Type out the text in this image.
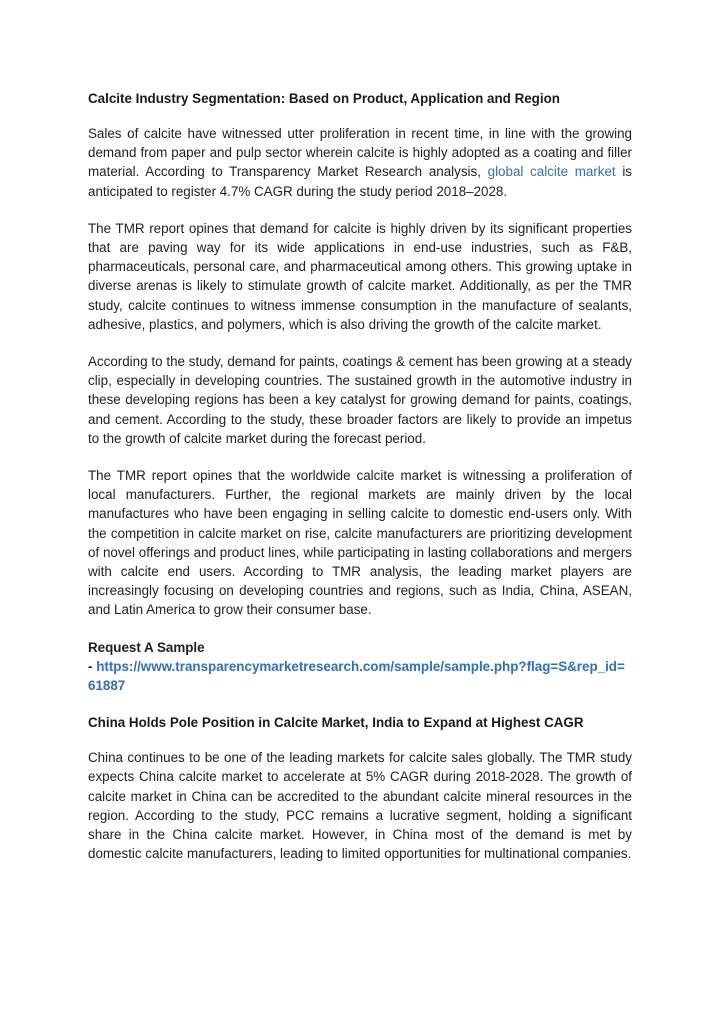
Calcite Industry Segmentation: Based on Product, Application and Region

Sales of calcite have witnessed utter proliferation in recent time, in line with the growing demand from paper and pulp sector wherein calcite is highly adopted as a coating and filler material. According to Transparency Market Research analysis, global calcite market is anticipated to register 4.7% CAGR during the study period 2018–2028.

The TMR report opines that demand for calcite is highly driven by its significant properties that are paving way for its wide applications in end-use industries, such as F&B, pharmaceuticals, personal care, and pharmaceutical among others. This growing uptake in diverse arenas is likely to stimulate growth of calcite market. Additionally, as per the TMR study, calcite continues to witness immense consumption in the manufacture of sealants, adhesive, plastics, and polymers, which is also driving the growth of the calcite market.

According to the study, demand for paints, coatings & cement has been growing at a steady clip, especially in developing countries. The sustained growth in the automotive industry in these developing regions has been a key catalyst for growing demand for paints, coatings, and cement. According to the study, these broader factors are likely to provide an impetus to the growth of calcite market during the forecast period.

The TMR report opines that the worldwide calcite market is witnessing a proliferation of local manufacturers. Further, the regional markets are mainly driven by the local manufactures who have been engaging in selling calcite to domestic end-users only. With the competition in calcite market on rise, calcite manufacturers are prioritizing development of novel offerings and product lines, while participating in lasting collaborations and mergers with calcite end users. According to TMR analysis, the leading market players are increasingly focusing on developing countries and regions, such as India, China, ASEAN, and Latin America to grow their consumer base.

Request A Sample
- https://www.transparencymarketresearch.com/sample/sample.php?flag=S&rep_id=61887
China Holds Pole Position in Calcite Market, India to Expand at Highest CAGR

China continues to be one of the leading markets for calcite sales globally. The TMR study expects China calcite market to accelerate at 5% CAGR during 2018-2028. The growth of calcite market in China can be accredited to the abundant calcite mineral resources in the region. According to the study, PCC remains a lucrative segment, holding a significant share in the China calcite market. However, in China most of the demand is met by domestic calcite manufacturers, leading to limited opportunities for multinational companies.
